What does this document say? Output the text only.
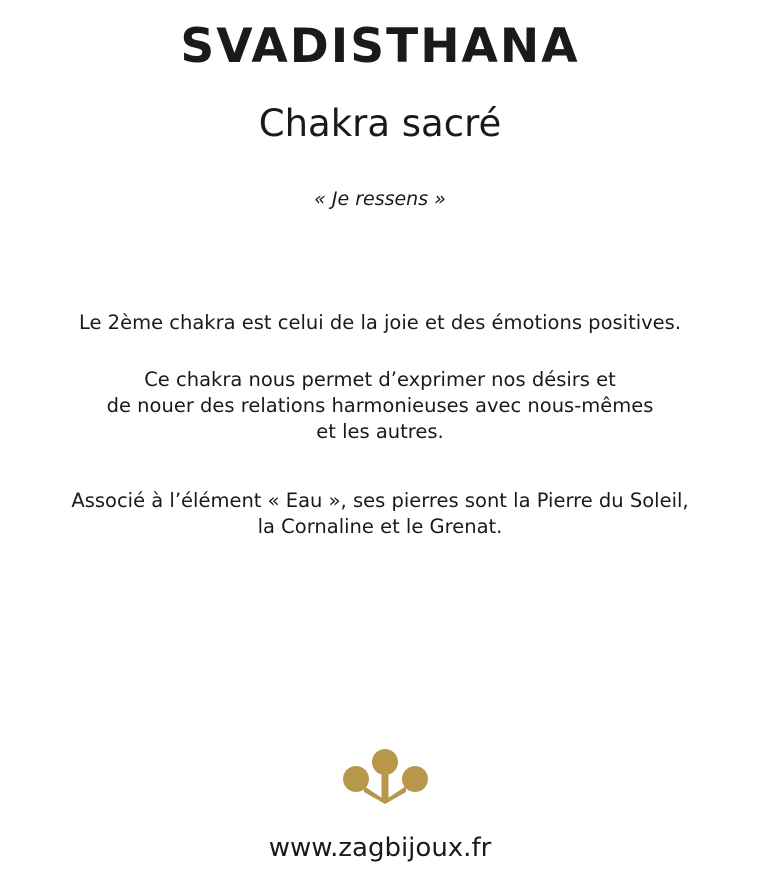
SVADISTHANA
Chakra sacré
« Je ressens »
Le 2ème chakra est celui de la joie et des émotions positives.
Ce chakra nous permet d’exprimer nos désirs et
de nouer des relations harmonieuses avec nous-mêmes
et les autres.
Associé à l’élément « Eau », ses pierres sont la Pierre du Soleil,
la Cornaline et le Grenat.
www.zagbijoux.fr
